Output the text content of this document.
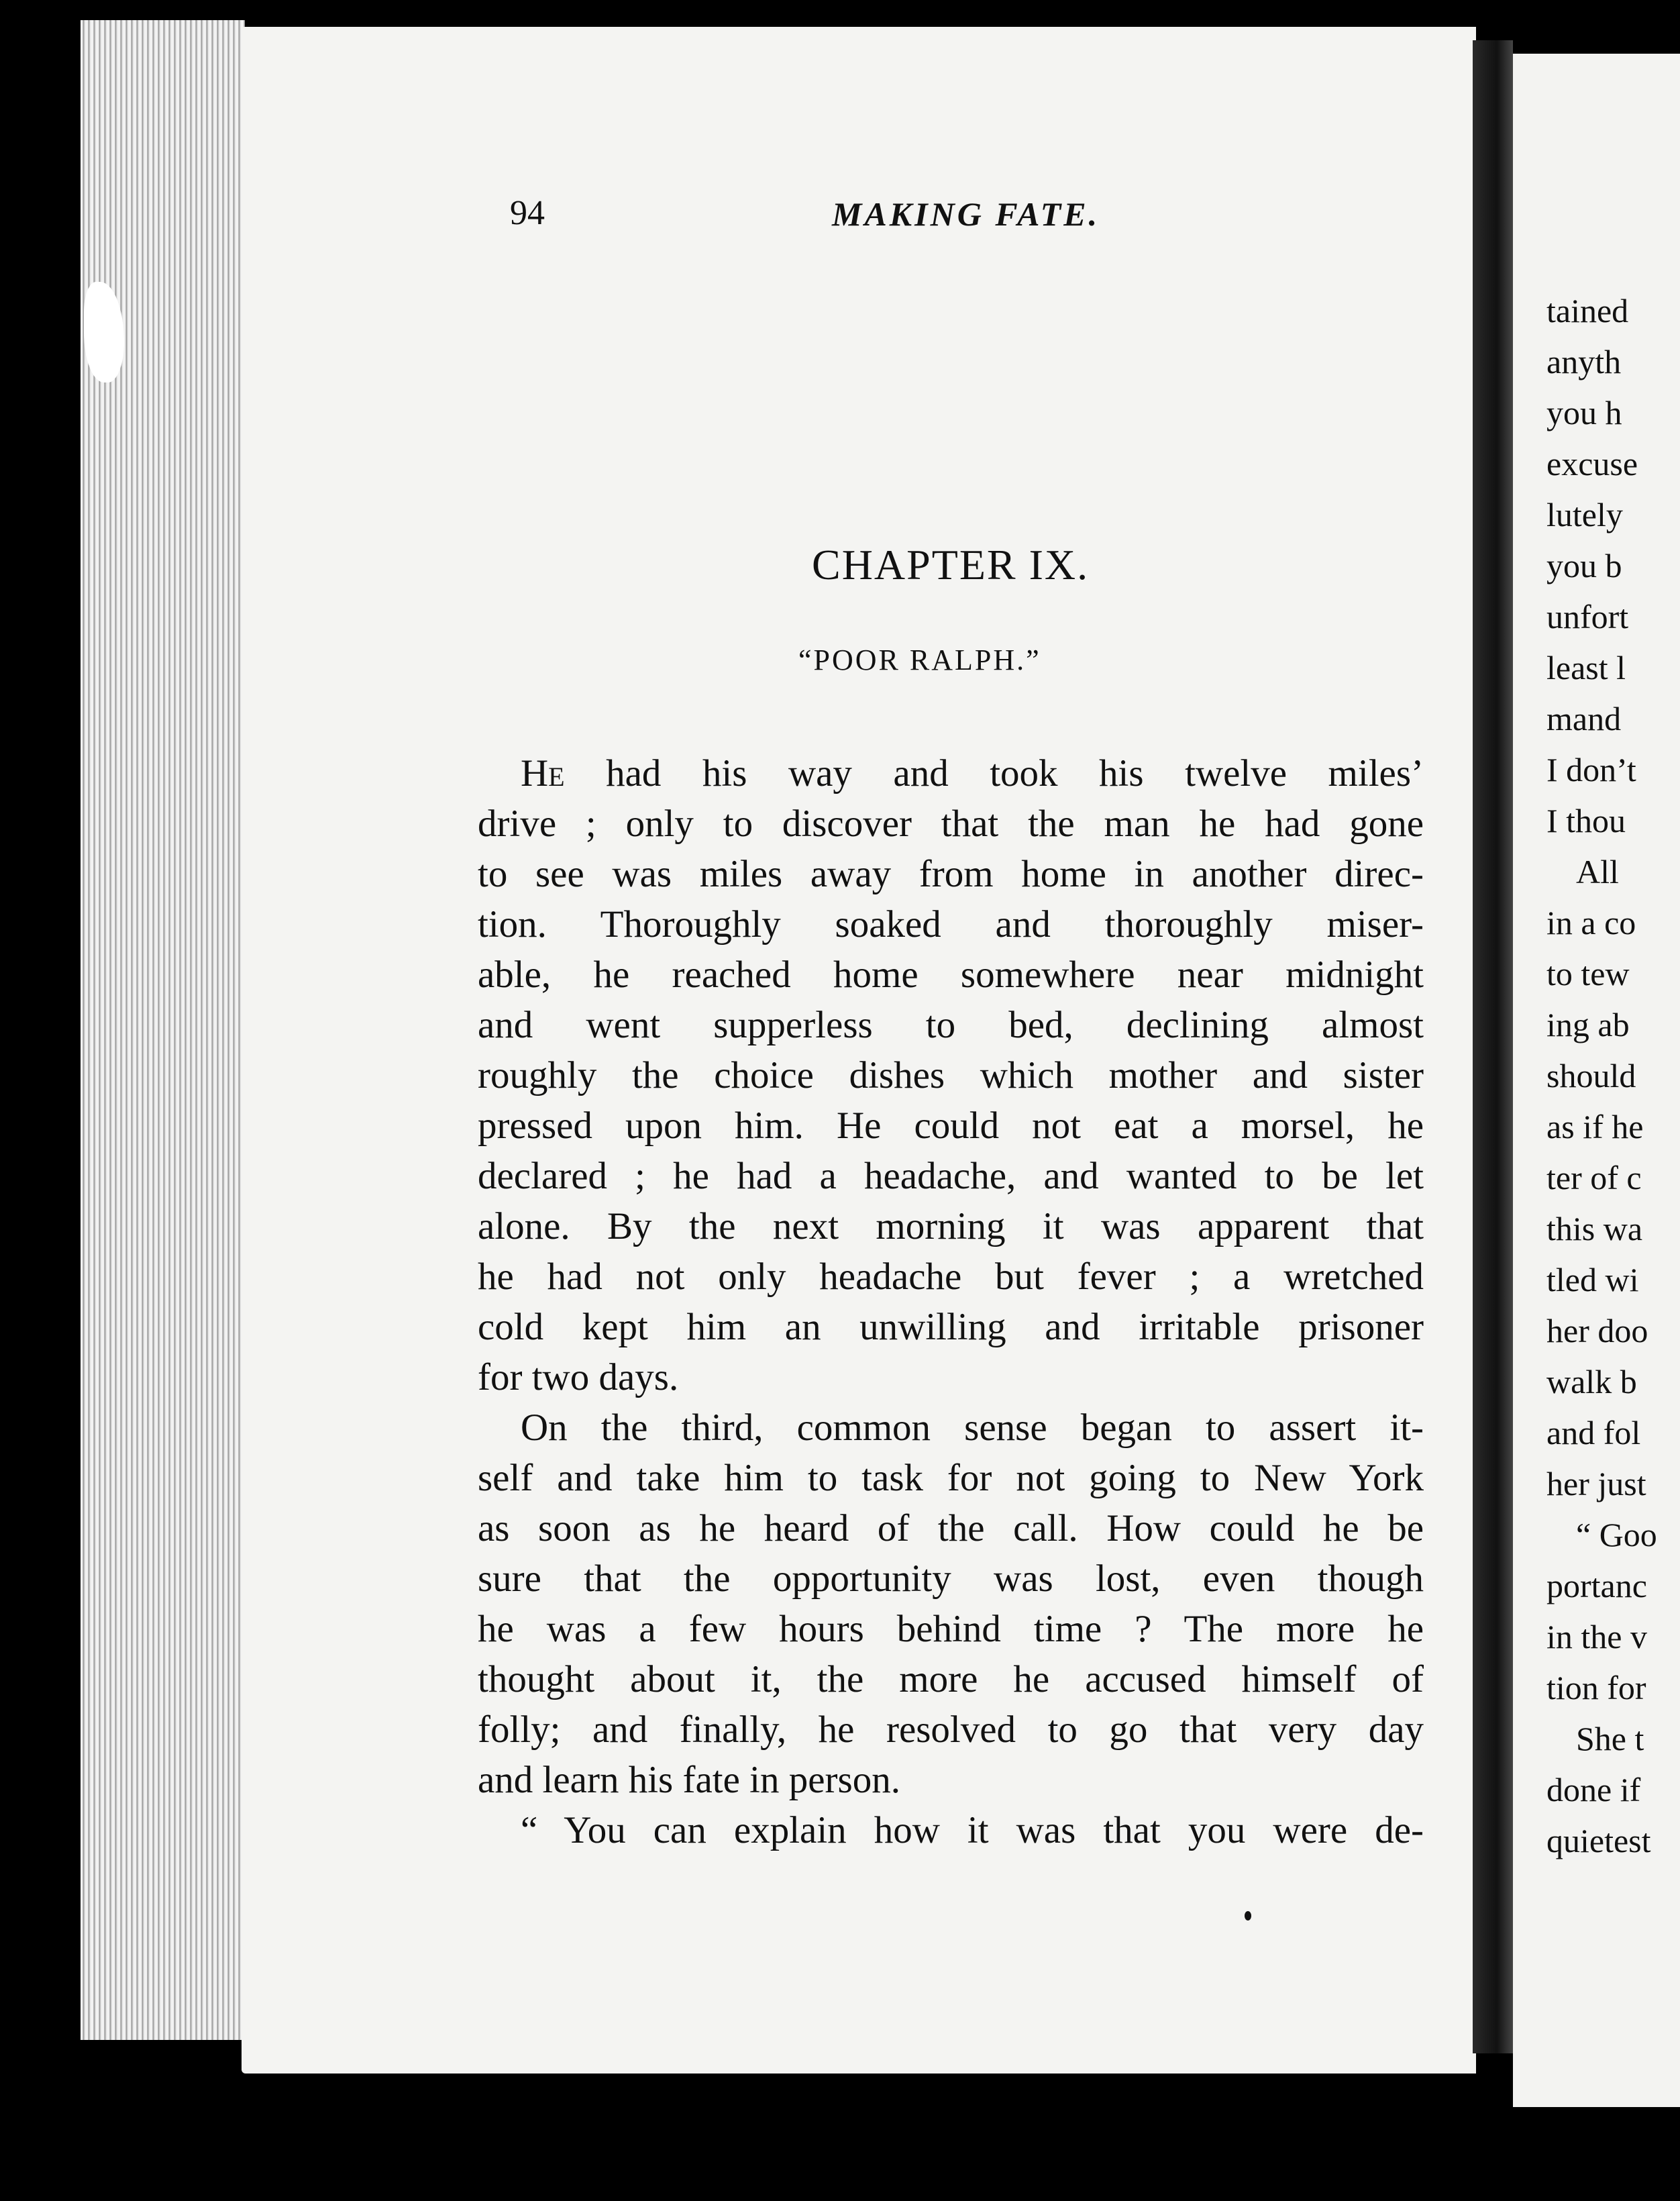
94	MAKING FATE.
CHAPTER IX.
“POOR RALPH.”
He had his way and took his twelve miles’
drive ; only to discover that the man he had gone
to see was miles away from home in another direc-
tion. Thoroughly soaked and thoroughly miser-
able, he reached home somewhere near midnight
and went supperless to bed, declining almost
roughly the choice dishes which mother and sister
pressed upon him. He could not eat a morsel, he
declared ; he had a headache, and wanted to be let
alone. By the next morning it was apparent that
he had not only headache but fever ; a wretched
cold kept him an unwilling and irritable prisoner
for two days.
On the third, common sense began to assert it-
self and take him to task for not going to New York
as soon as he heard of the call. How could he be
sure that the opportunity was lost, even though
he was a few hours behind time ? The more he
thought about it, the more he accused himself of
folly; and finally, he resolved to go that very day
and learn his fate in person.
“ You can explain how it was that you were de-
tained
anyth
you h
excuse
lutely
you b
unfort
least l
mand
I don’t
I thou
All
in a co
to tew
ing ab
should
as if he
ter of c
this wa
tled wi
her doo
walk b
and fol
her just
“ Goo
portanc
in the v
tion for
She t
done if
quietest
